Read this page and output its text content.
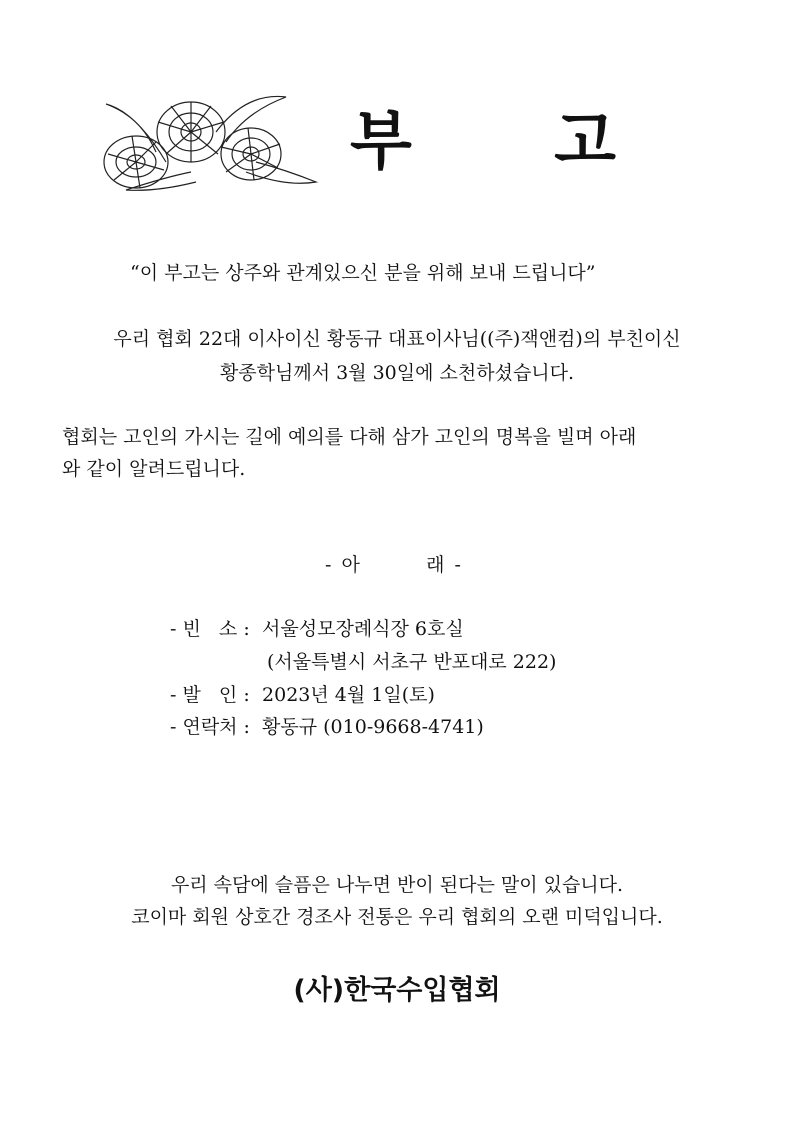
부 고
“이 부고는 상주와 관계있으신 분을 위해 보내 드립니다”
우리 협회 22대 이사이신 황동규 대표이사님((주)잭앤컴)의 부친이신
황종학님께서 3월 30일에 소천하셨습니다.
협회는 고인의 가시는 길에 예의를 다해 삼가 고인의 명복을 빌며 아래
와 같이 알려드립니다.
- 아        래 -
- 빈   소 : 서울성모장례식장 6호실
(서울특별시 서초구 반포대로 222)
- 발   인 : 2023년 4월 1일(토)
- 연락처 : 황동규 (010-9668-4741)
우리 속담에 슬픔은 나누면 반이 된다는 말이 있습니다.
코이마 회원 상호간 경조사 전통은 우리 협회의 오랜 미덕입니다.
(사)한국수입협회
